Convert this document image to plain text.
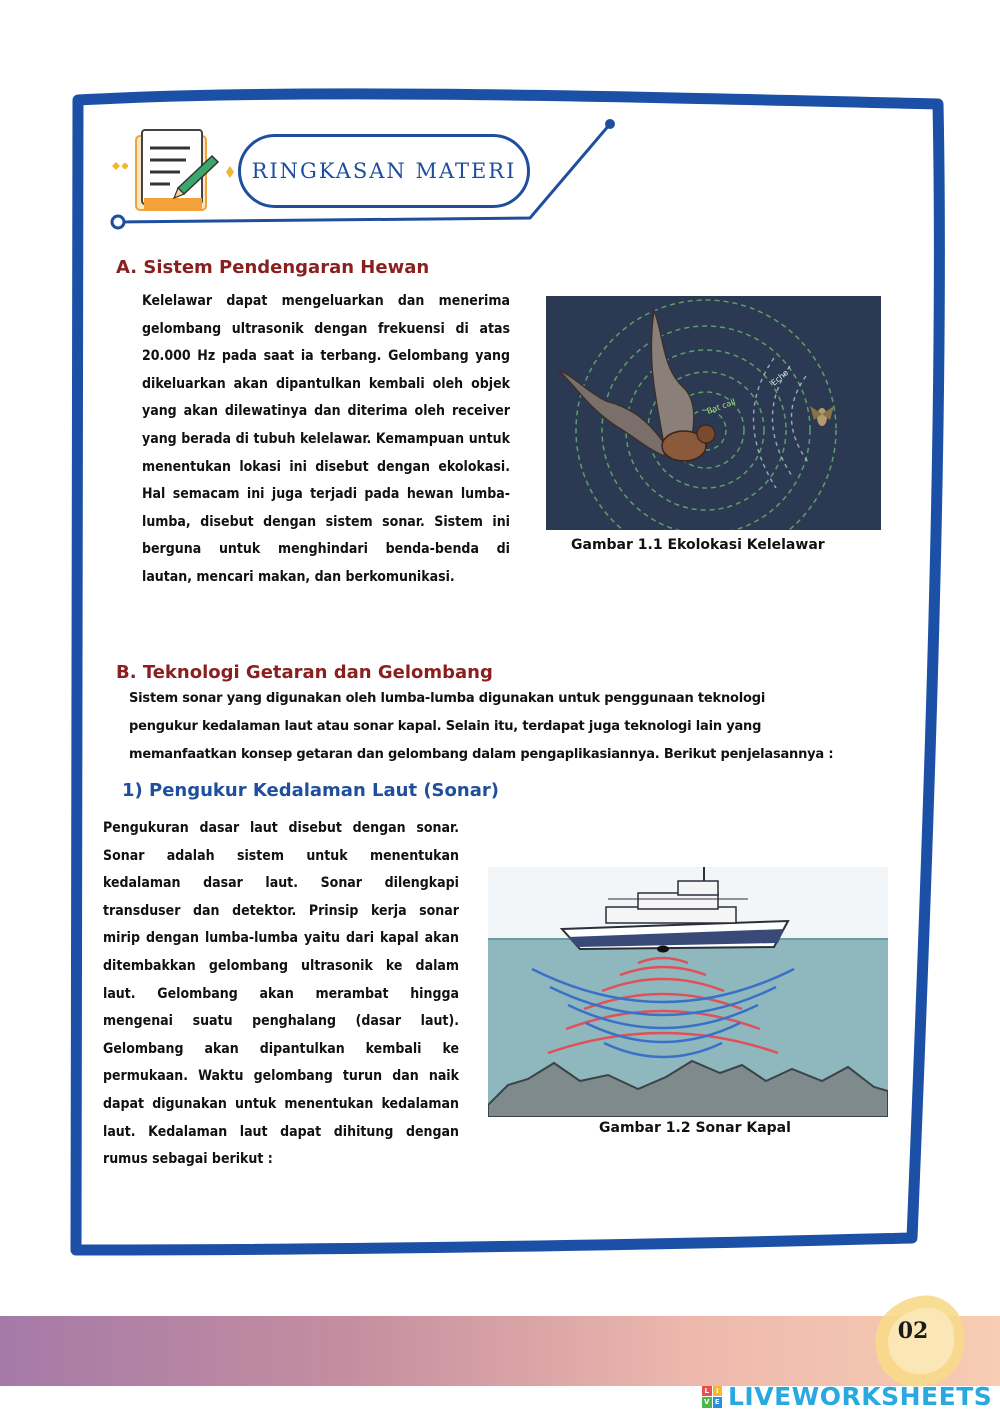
RINGKASAN MATERI
A. Sistem Pendengaran Hewan

Kelelawar dapat mengeluarkan dan menerima gelombang ultrasonik dengan frekuensi di atas 20.000 Hz pada saat ia terbang. Gelombang yang dikeluarkan akan dipantulkan kembali oleh objek yang akan dilewatinya dan diterima oleh receiver yang berada di tubuh kelelawar. Kemampuan untuk menentukan lokasi ini disebut dengan ekolokasi. Hal semacam ini juga terjadi pada hewan lumba-lumba, disebut dengan sistem sonar. Sistem ini berguna untuk menghindari benda-benda di lautan, mencari makan, dan berkomunikasi.

Bat call
Echo
Gambar 1.1 Ekolokasi Kelelawar
B. Teknologi Getaran dan Gelombang
Sistem sonar yang digunakan oleh lumba-lumba digunakan untuk penggunaan teknologi
pengukur kedalaman laut atau sonar kapal. Selain itu, terdapat juga teknologi lain yang
memanfaatkan konsep getaran dan gelombang dalam pengaplikasiannya. Berikut penjelasannya :
1) Pengukur Kedalaman Laut (Sonar)

Pengukuran dasar laut disebut dengan sonar. Sonar adalah sistem untuk menentukan kedalaman dasar laut. Sonar dilengkapi transduser dan detektor. Prinsip kerja sonar mirip dengan lumba-lumba yaitu dari kapal akan ditembakkan gelombang ultrasonik ke dalam laut. Gelombang akan merambat hingga mengenai suatu penghalang (dasar laut). Gelombang akan dipantulkan kembali ke permukaan. Waktu gelombang turun dan naik dapat digunakan untuk menentukan kedalaman laut. Kedalaman laut dapat dihitung dengan rumus sebagai berikut :

Gambar 1.2 Sonar Kapal
02
L I
V E LIVEWORKSHEETS
